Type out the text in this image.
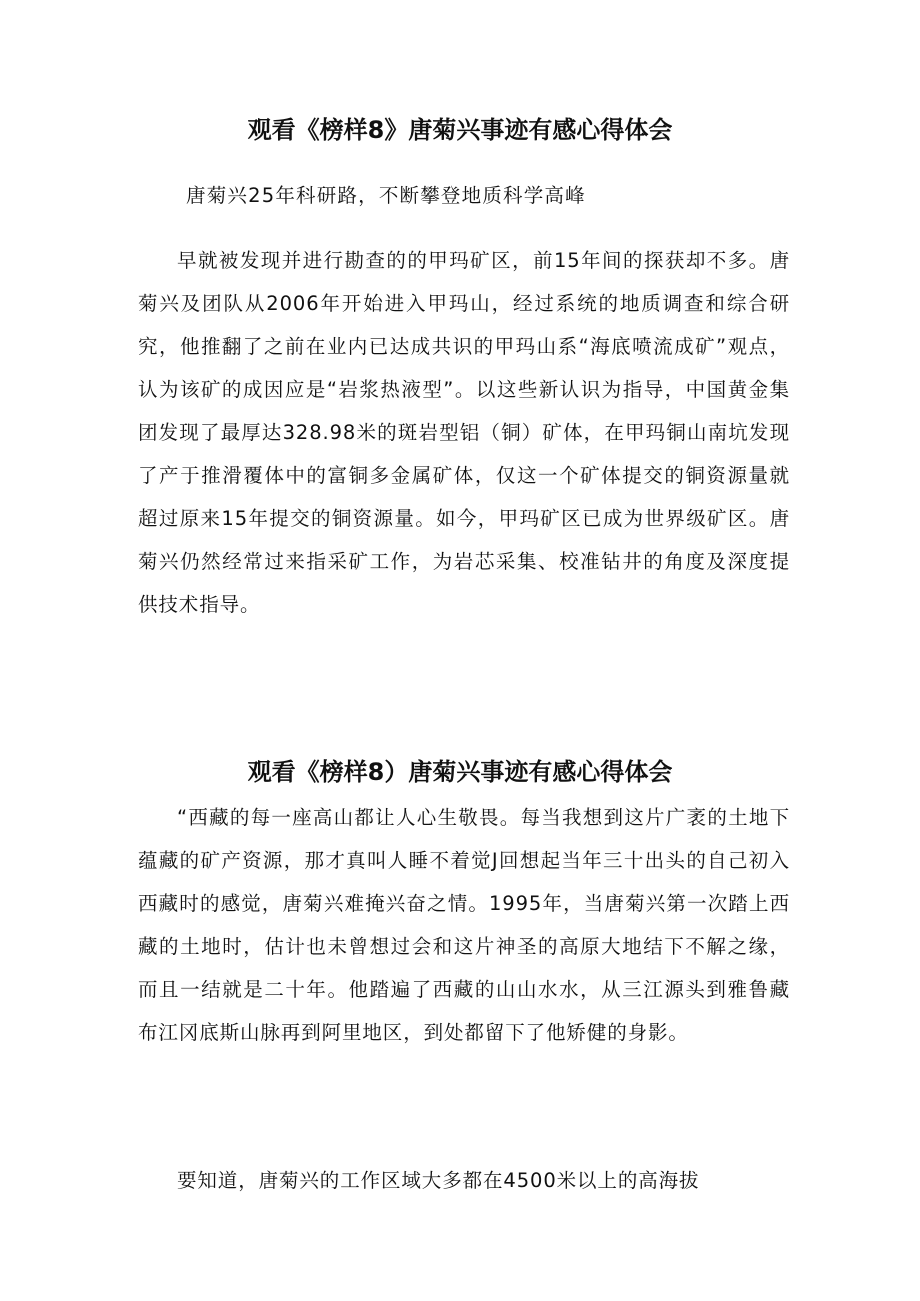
观看《榜样8》唐菊兴事迹有感心得体会
唐菊兴25年科研路，不断攀登地质科学高峰

早就被发现并进行勘查的的甲玛矿区，前15年间的探获却不多。唐菊兴及团队从2006年开始进入甲玛山，经过系统的地质调查和综合研究，他推翻了之前在业内已达成共识的甲玛山系“海底喷流成矿”观点，认为该矿的成因应是“岩浆热液型”。以这些新认识为指导，中国黄金集团发现了最厚达328.98米的斑岩型铝（铜）矿体，在甲玛铜山南坑发现了产于推滑覆体中的富铜多金属矿体，仅这一个矿体提交的铜资源量就超过原来15年提交的铜资源量。如今，甲玛矿区已成为世界级矿区。唐菊兴仍然经常过来指采矿工作，为岩芯采集、校准钻井的角度及深度提供技术指导。

观看《榜样8）唐菊兴事迹有感心得体会

“西藏的每一座高山都让人心生敬畏。每当我想到这片广袤的土地下蕴藏的矿产资源，那才真叫人睡不着觉J回想起当年三十出头的自己初入西藏时的感觉，唐菊兴难掩兴奋之情。1995年，当唐菊兴第一次踏上西藏的土地时，估计也未曾想过会和这片神圣的高原大地结下不解之缘，而且一结就是二十年。他踏遍了西藏的山山水水，从三江源头到雅鲁藏布江冈底斯山脉再到阿里地区，到处都留下了他矫健的身影。

要知道，唐菊兴的工作区域大多都在4500米以上的高海拔
